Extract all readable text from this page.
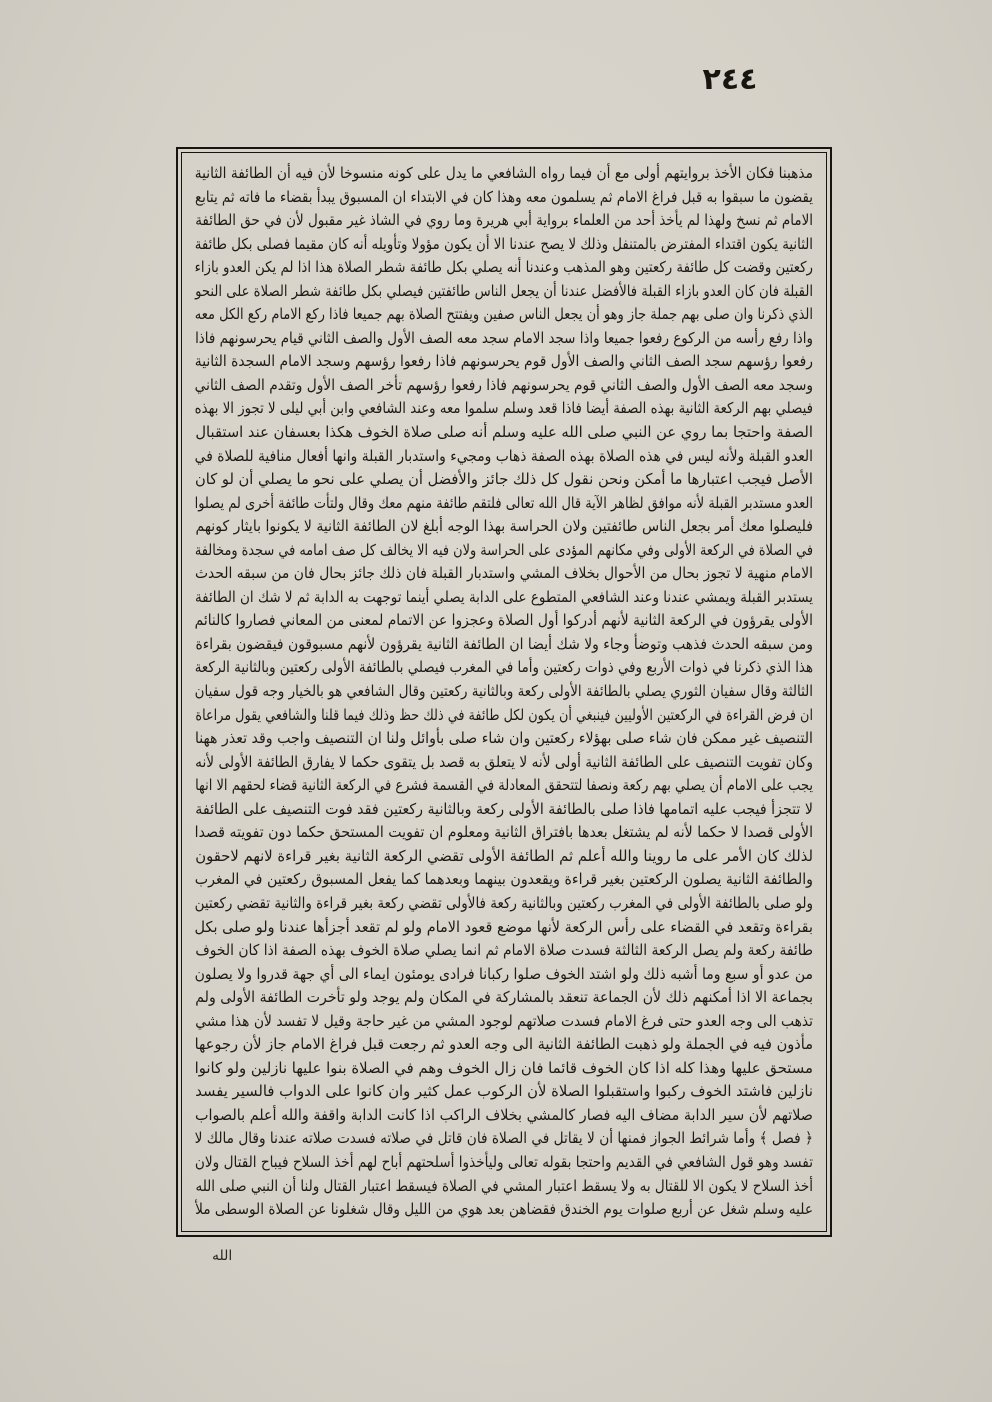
٢٤٤
مذهبنا فكان الأخذ بروايتهم أولى مع أن فيما رواه الشافعي ما يدل على كونه منسوخا لأن فيه أن الطائفة الثانية
يقضون ما سبقوا به قبل فراغ الامام ثم يسلمون معه وهذا كان في الابتداء ان المسبوق يبدأ بقضاء ما فاته ثم يتابع
الامام ثم نسخ ولهذا لم يأخذ أحد من العلماء برواية أبي هريرة وما روي في الشاذ غير مقبول لأن في حق الطائفة
الثانية يكون اقتداء المفترض بالمتنفل وذلك لا يصح عندنا الا أن يكون مؤولا وتأويله أنه كان مقيما فصلى بكل طائفة
ركعتين وقضت كل طائفة ركعتين وهو المذهب وعندنا أنه يصلي بكل طائفة شطر الصلاة هذا اذا لم يكن العدو بازاء
القبلة فان كان العدو بازاء القبلة فالأفضل عندنا أن يجعل الناس طائفتين فيصلي بكل طائفة شطر الصلاة على النحو
الذي ذكرنا وان صلى بهم جملة جاز وهو أن يجعل الناس صفين ويفتتح الصلاة بهم جميعا فاذا ركع الامام ركع الكل معه
واذا رفع رأسه من الركوع رفعوا جميعا واذا سجد الامام سجد معه الصف الأول والصف الثاني قيام يحرسونهم فاذا
رفعوا رؤسهم سجد الصف الثاني والصف الأول قوم يحرسونهم فاذا رفعوا رؤسهم وسجد الامام السجدة الثانية
وسجد معه الصف الأول والصف الثاني قوم يحرسونهم فاذا رفعوا رؤسهم تأخر الصف الأول وتقدم الصف الثاني
فيصلي بهم الركعة الثانية بهذه الصفة أيضا فاذا قعد وسلم سلموا معه وعند الشافعي وابن أبي ليلى لا تجوز الا بهذه
الصفة واحتجا بما روي عن النبي صلى الله عليه وسلم أنه صلى صلاة الخوف هكذا بعسفان عند استقبال
العدو القبلة ولأنه ليس في هذه الصلاة بهذه الصفة ذهاب ومجيء واستدبار القبلة وانها أفعال منافية للصلاة في
الأصل فيجب اعتبارها ما أمكن ونحن نقول كل ذلك جائز والأفضل أن يصلي على نحو ما يصلي أن لو كان
العدو مستدبر القبلة لأنه موافق لظاهر الآية قال الله تعالى فلتقم طائفة منهم معك وقال ولتأت طائفة أخرى لم يصلوا
فليصلوا معك أمر بجعل الناس طائفتين ولان الحراسة بهذا الوجه أبلغ لان الطائفة الثانية لا يكونوا بايثار كونهم
في الصلاة في الركعة الأولى وفي مكانهم المؤدى على الحراسة ولان فيه الا يخالف كل صف امامه في سجدة ومخالفة
الامام منهية لا تجوز بحال من الأحوال بخلاف المشي واستدبار القبلة فان ذلك جائز بحال فان من سبقه الحدث
يستدبر القبلة ويمشي عندنا وعند الشافعي المتطوع على الدابة يصلي أينما توجهت به الدابة ثم لا شك ان الطائفة
الأولى يقرؤون في الركعة الثانية لأنهم أدركوا أول الصلاة وعجزوا عن الاتمام لمعنى من المعاني فصاروا كالنائم
ومن سبقه الحدث فذهب وتوضأ وجاء ولا شك أيضا ان الطائفة الثانية يقرؤون لأنهم مسبوقون فيقضون بقراءة
هذا الذي ذكرنا في ذوات الأربع وفي ذوات ركعتين وأما في المغرب فيصلي بالطائفة الأولى ركعتين وبالثانية الركعة
الثالثة وقال سفيان الثوري يصلي بالطائفة الأولى ركعة وبالثانية ركعتين وقال الشافعي هو بالخيار وجه قول سفيان
ان فرض القراءة في الركعتين الأوليين فينبغي أن يكون لكل طائفة في ذلك حظ وذلك فيما قلنا والشافعي يقول مراعاة
التنصيف غير ممكن فان شاء صلى بهؤلاء ركعتين وان شاء صلى بأوائل ولنا ان التنصيف واجب وقد تعذر ههنا
وكان تفويت التنصيف على الطائفة الثانية أولى لأنه لا يتعلق به قصد بل يتقوى حكما لا يفارق الطائفة الأولى لأنه
يجب على الامام أن يصلي بهم ركعة ونصفا لتتحقق المعادلة في القسمة فشرع في الركعة الثانية قضاء لحقهم الا انها
لا تتجزأ فيجب عليه اتمامها فاذا صلى بالطائفة الأولى ركعة وبالثانية ركعتين فقد فوت التنصيف على الطائفة
الأولى قصدا لا حكما لأنه لم يشتغل بعدها بافتراق الثانية ومعلوم ان تفويت المستحق حكما دون تفويته قصدا
لذلك كان الأمر على ما روينا والله أعلم ثم الطائفة الأولى تقضي الركعة الثانية بغير قراءة لانهم لاحقون
والطائفة الثانية يصلون الركعتين بغير قراءة ويقعدون بينهما وبعدهما كما يفعل المسبوق ركعتين في المغرب
ولو صلى بالطائفة الأولى في المغرب ركعتين وبالثانية ركعة فالأولى تقضي ركعة بغير قراءة والثانية تقضي ركعتين
بقراءة وتقعد في القضاء على رأس الركعة لأنها موضع قعود الامام ولو لم تقعد أجزأها عندنا ولو صلى بكل
طائفة ركعة ولم يصل الركعة الثالثة فسدت صلاة الامام ثم انما يصلي صلاة الخوف بهذه الصفة اذا كان الخوف
من عدو أو سبع وما أشبه ذلك ولو اشتد الخوف صلوا ركبانا فرادى يومئون ايماء الى أي جهة قدروا ولا يصلون
بجماعة الا اذا أمكنهم ذلك لأن الجماعة تنعقد بالمشاركة في المكان ولم يوجد ولو تأخرت الطائفة الأولى ولم
تذهب الى وجه العدو حتى فرغ الامام فسدت صلاتهم لوجود المشي من غير حاجة وقيل لا تفسد لأن هذا مشي
مأذون فيه في الجملة ولو ذهبت الطائفة الثانية الى وجه العدو ثم رجعت قبل فراغ الامام جاز لأن رجوعها
مستحق عليها وهذا كله اذا كان الخوف قائما فان زال الخوف وهم في الصلاة بنوا عليها نازلين ولو كانوا
نازلين فاشتد الخوف ركبوا واستقبلوا الصلاة لأن الركوب عمل كثير وان كانوا على الدواب فالسير يفسد
صلاتهم لأن سير الدابة مضاف اليه فصار كالمشي بخلاف الراكب اذا كانت الدابة واقفة والله أعلم بالصواب
﴿ فصل ﴾ وأما شرائط الجواز فمنها أن لا يقاتل في الصلاة فان قاتل في صلاته فسدت صلاته عندنا وقال مالك لا
تفسد وهو قول الشافعي في القديم واحتجا بقوله تعالى وليأخذوا أسلحتهم أباح لهم أخذ السلاح فيباح القتال ولان
أخذ السلاح لا يكون الا للقتال به ولا يسقط اعتبار المشي في الصلاة فيسقط اعتبار القتال ولنا أن النبي صلى الله
عليه وسلم شغل عن أربع صلوات يوم الخندق فقضاهن بعد هوي من الليل وقال شغلونا عن الصلاة الوسطى ملأ
الله
